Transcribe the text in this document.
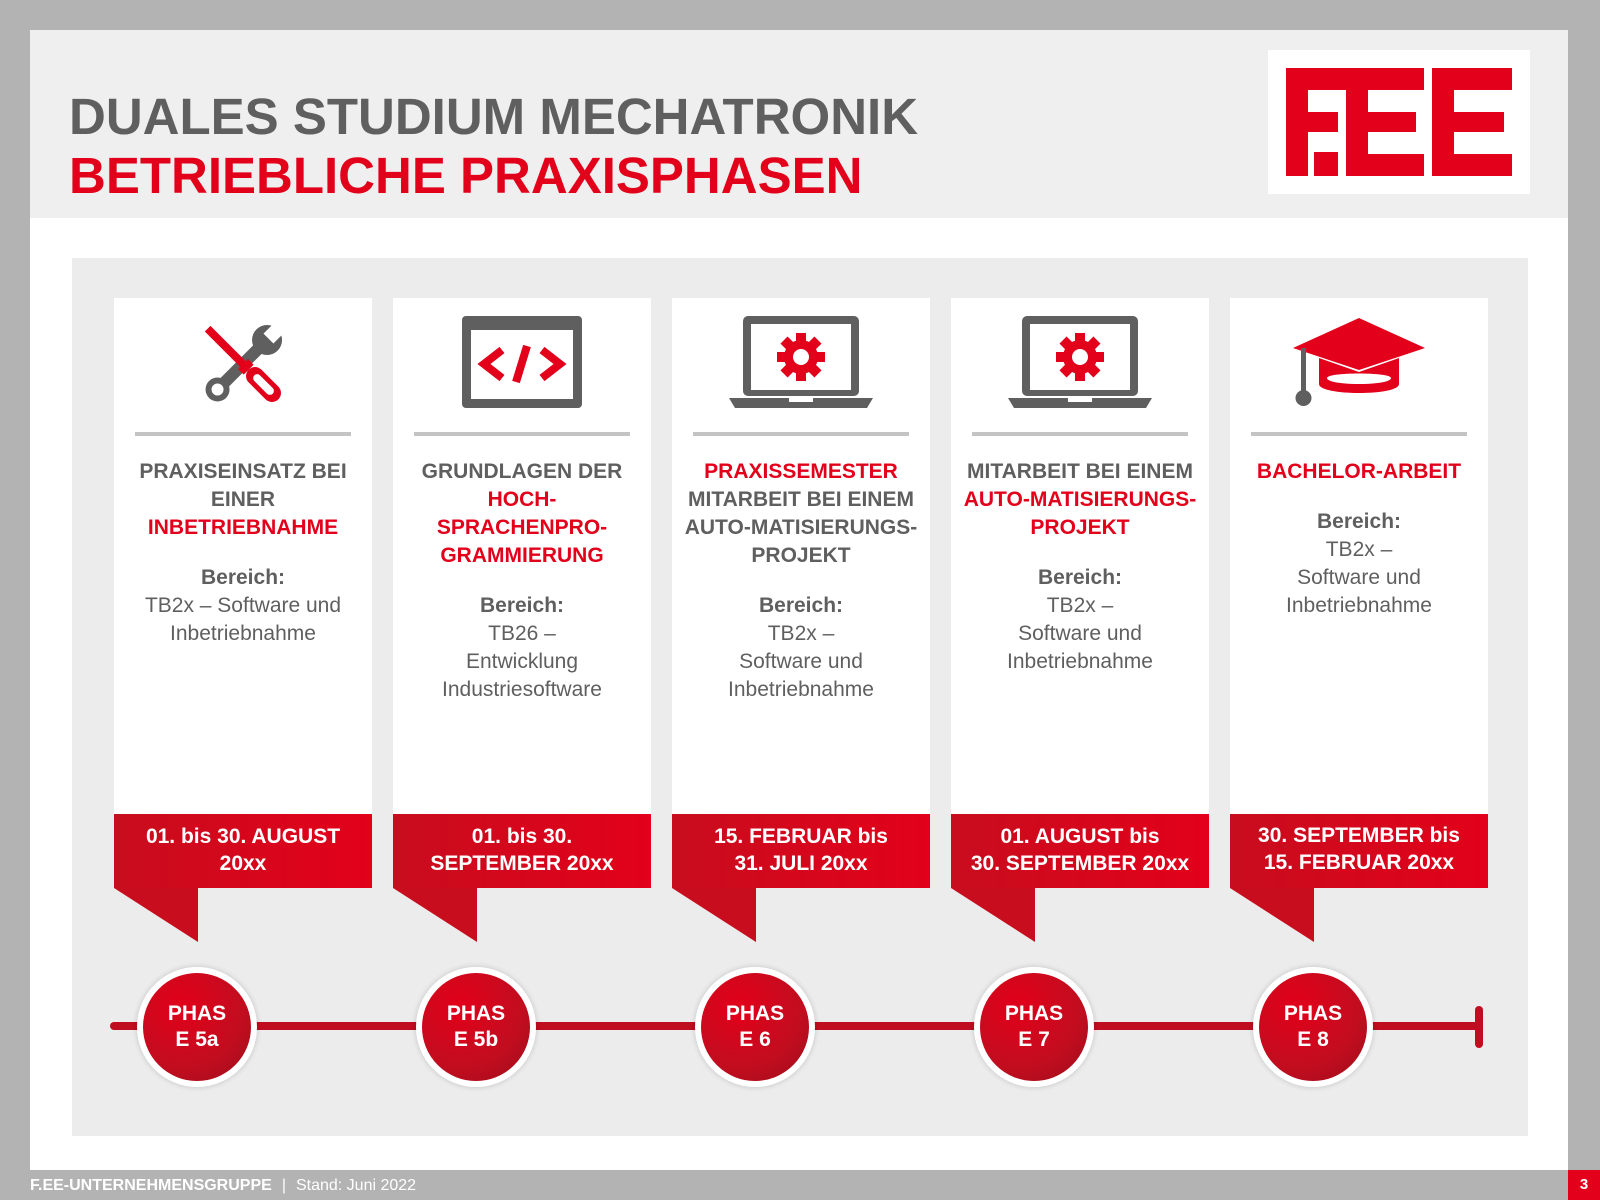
DUALES STUDIUM MECHATRONIK
BETRIEBLICHE PRAXISPHASEN
PRAXISEINSATZ BEI EINER INBETRIEBNAHME
Bereich:

TB2x – Software und

Inbetriebnahme

GRUNDLAGEN DER HOCH-SPRACHENPRO-GRAMMIERUNG
Bereich:

TB26 –

Entwicklung

Industriesoftware

PRAXISSEMESTER
MITARBEIT BEI EINEM AUTO-MATISIERUNGS-PROJEKT
Bereich:

TB2x –

Software und

Inbetriebnahme

MITARBEIT BEI EINEM AUTO-MATISIERUNGS-PROJEKT
Bereich:

TB2x –

Software und

Inbetriebnahme

BACHELOR-ARBEIT
Bereich:

TB2x –

Software und

Inbetriebnahme

01. bis 30. AUGUST
20xx
01. bis 30.
SEPTEMBER 20xx
15. FEBRUAR bis
31. JULI 20xx
01. AUGUST bis
30. SEPTEMBER 20xx
30. SEPTEMBER bis
15. FEBRUAR 20xx
PHASE 5a
PHASE 5b
PHASE 6
PHASE 7
PHASE 8
F.EE-UNTERNEHMENSGRUPPE | Stand: Juni 2022	3
